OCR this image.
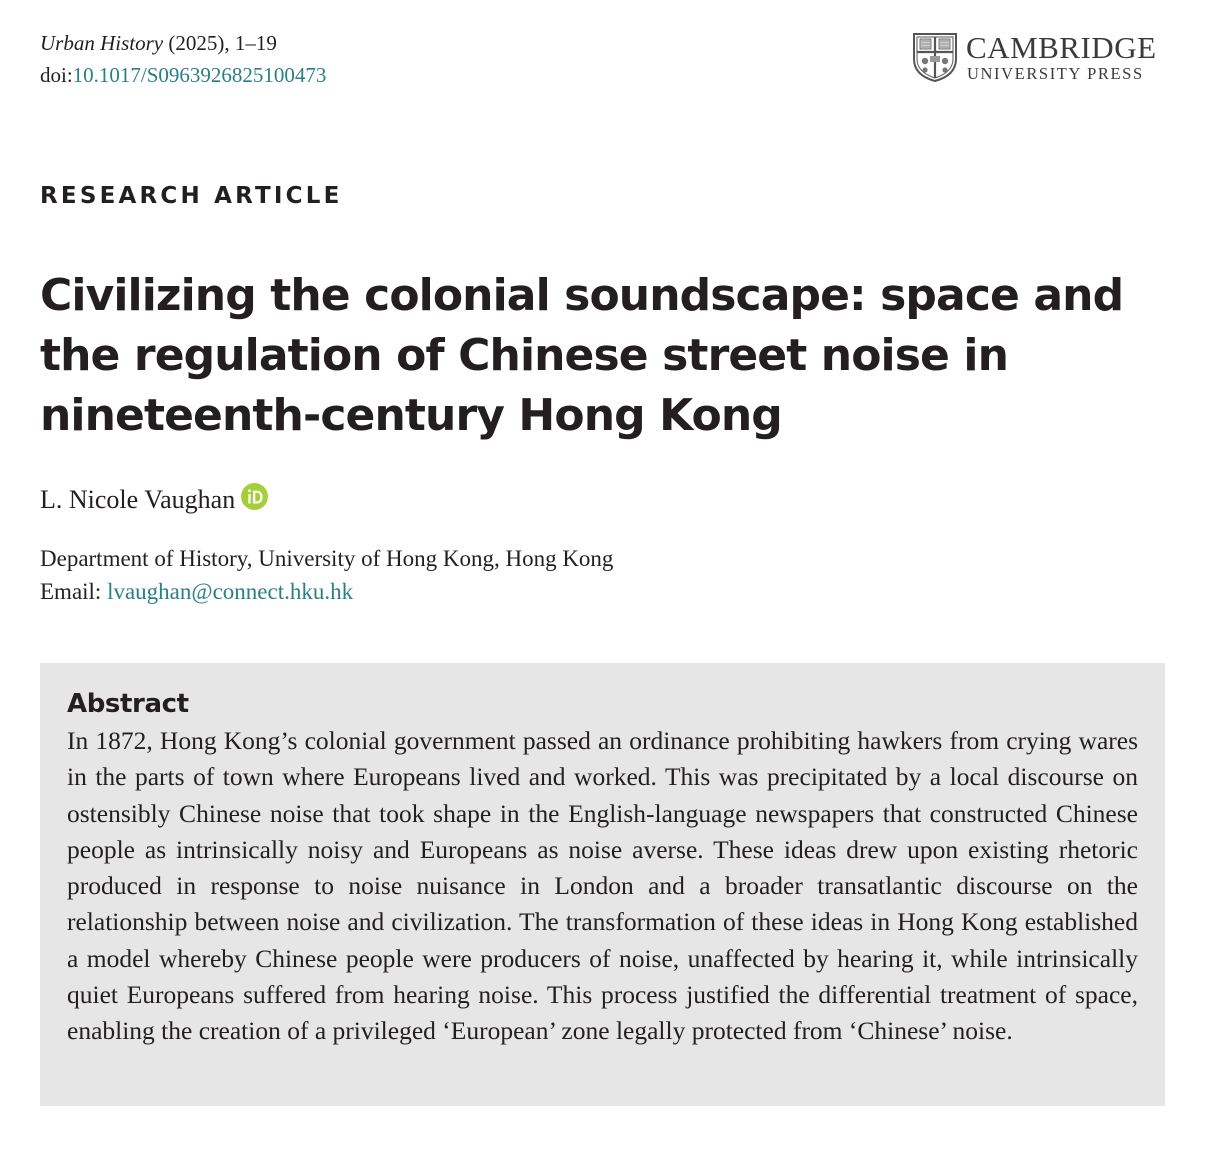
Urban History (2025), 1–19
doi:10.1017/S0963926825100473
CAMBRIDGE
UNIVERSITY PRESS
RESEARCH ARTICLE
Civilizing the colonial soundscape: space and the regulation of Chinese street noise in nineteenth-century Hong Kong
L. Nicole Vaughan
Department of History, University of Hong Kong, Hong Kong
Email: lvaughan@connect.hku.hk
Abstract
In 1872, Hong Kong’s colonial government passed an ordinance prohibiting hawkers from crying wares in the parts of town where Europeans lived and worked. This was precipitated by a local discourse on ostensibly Chinese noise that took shape in the English-language newspapers that constructed Chinese people as intrinsically noisy and Europeans as noise averse. These ideas drew upon existing rhetoric produced in response to noise nuisance in London and a broader transatlantic discourse on the relationship between noise and civilization. The transformation of these ideas in Hong Kong established a model whereby Chinese people were producers of noise, unaffected by hearing it, while intrinsically quiet Europeans suffered from hearing noise. This process justified the differential treatment of space, enabling the creation of a privileged ‘European’ zone legally protected from ‘Chinese’ noise.
